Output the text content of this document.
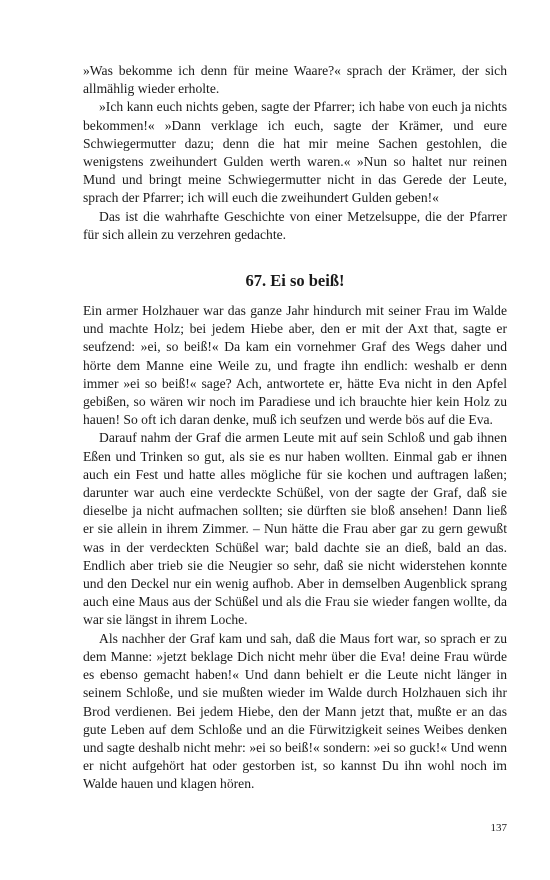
»Was bekomme ich denn für meine Waare?« sprach der Krämer, der sich allmählig wieder erholte.

»Ich kann euch nichts geben, sagte der Pfarrer; ich habe von euch ja nichts bekommen!« »Dann verklage ich euch, sagte der Krämer, und eure Schwiegermutter dazu; denn die hat mir meine Sachen gestohlen, die wenigstens zweihundert Gulden werth waren.« »Nun so haltet nur reinen Mund und bringt meine Schwiegermutter nicht in das Gerede der Leute, sprach der Pfarrer; ich will euch die zweihundert Gulden geben!«

Das ist die wahrhafte Geschichte von einer Metzelsuppe, die der Pfarrer für sich allein zu verzehren gedachte.

67. Ei so beiß!

Ein armer Holzhauer war das ganze Jahr hindurch mit seiner Frau im Walde und machte Holz; bei jedem Hiebe aber, den er mit der Axt that, sagte er seufzend: »ei, so beiß!« Da kam ein vornehmer Graf des Wegs daher und hörte dem Manne eine Weile zu, und fragte ihn endlich: weshalb er denn immer »ei so beiß!« sage? Ach, antwortete er, hätte Eva nicht in den Apfel gebißen, so wären wir noch im Paradiese und ich brauchte hier kein Holz zu hauen! So oft ich daran denke, muß ich seufzen und werde bös auf die Eva.

Darauf nahm der Graf die armen Leute mit auf sein Schloß und gab ihnen Eßen und Trinken so gut, als sie es nur haben wollten. Einmal gab er ihnen auch ein Fest und hatte alles mögliche für sie kochen und auftragen laßen; darunter war auch eine verdeckte Schüßel, von der sagte der Graf, daß sie dieselbe ja nicht aufmachen sollten; sie dürften sie bloß ansehen! Dann ließ er sie allein in ihrem Zimmer. – Nun hätte die Frau aber gar zu gern gewußt was in der verdeckten Schüßel war; bald dachte sie an dieß, bald an das. Endlich aber trieb sie die Neugier so sehr, daß sie nicht widerstehen konnte und den Deckel nur ein wenig aufhob. Aber in demselben Augenblick sprang auch eine Maus aus der Schüßel und als die Frau sie wieder fangen wollte, da war sie längst in ihrem Loche.

Als nachher der Graf kam und sah, daß die Maus fort war, so sprach er zu dem Manne: »jetzt beklage Dich nicht mehr über die Eva! deine Frau würde es ebenso gemacht haben!« Und dann behielt er die Leute nicht länger in seinem Schloße, und sie mußten wieder im Walde durch Holzhauen sich ihr Brod verdienen. Bei jedem Hiebe, den der Mann jetzt that, mußte er an das gute Leben auf dem Schloße und an die Fürwitzigkeit seines Weibes denken und sagte deshalb nicht mehr: »ei so beiß!« sondern: »ei so guck!« Und wenn er nicht aufgehört hat oder gestorben ist, so kannst Du ihn wohl noch im Walde hauen und klagen hören.

137
